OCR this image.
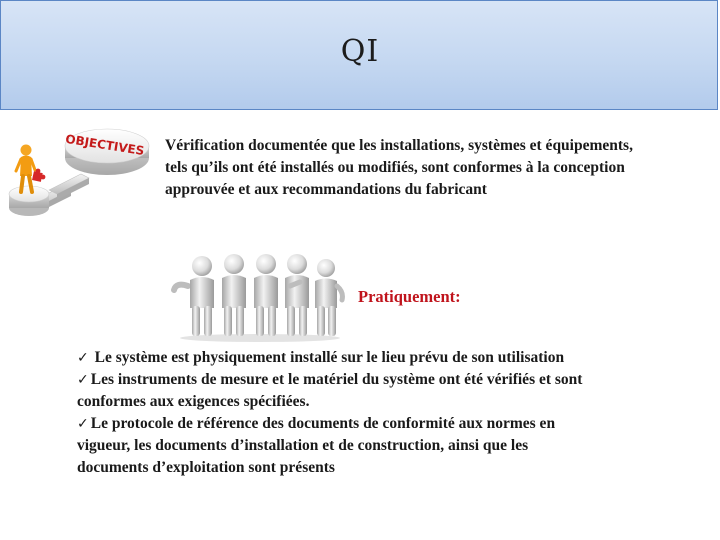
QI
OBJECTIVES Vérification documentée que les installations, systèmes et équipements,
tels qu’ils ont été installés ou modifiés, sont conformes à la conception
approuvée et aux recommandations du fabricant
Pratiquement:
✓ Le système est physiquement installé sur le lieu prévu de son utilisation
✓ Les instruments de mesure et le matériel du système ont été vérifiés et sont
conformes aux exigences spécifiées.
✓ Le protocole de référence des documents de conformité aux normes en
vigueur, les documents d’installation et de construction, ainsi que les
documents d’exploitation sont présents
